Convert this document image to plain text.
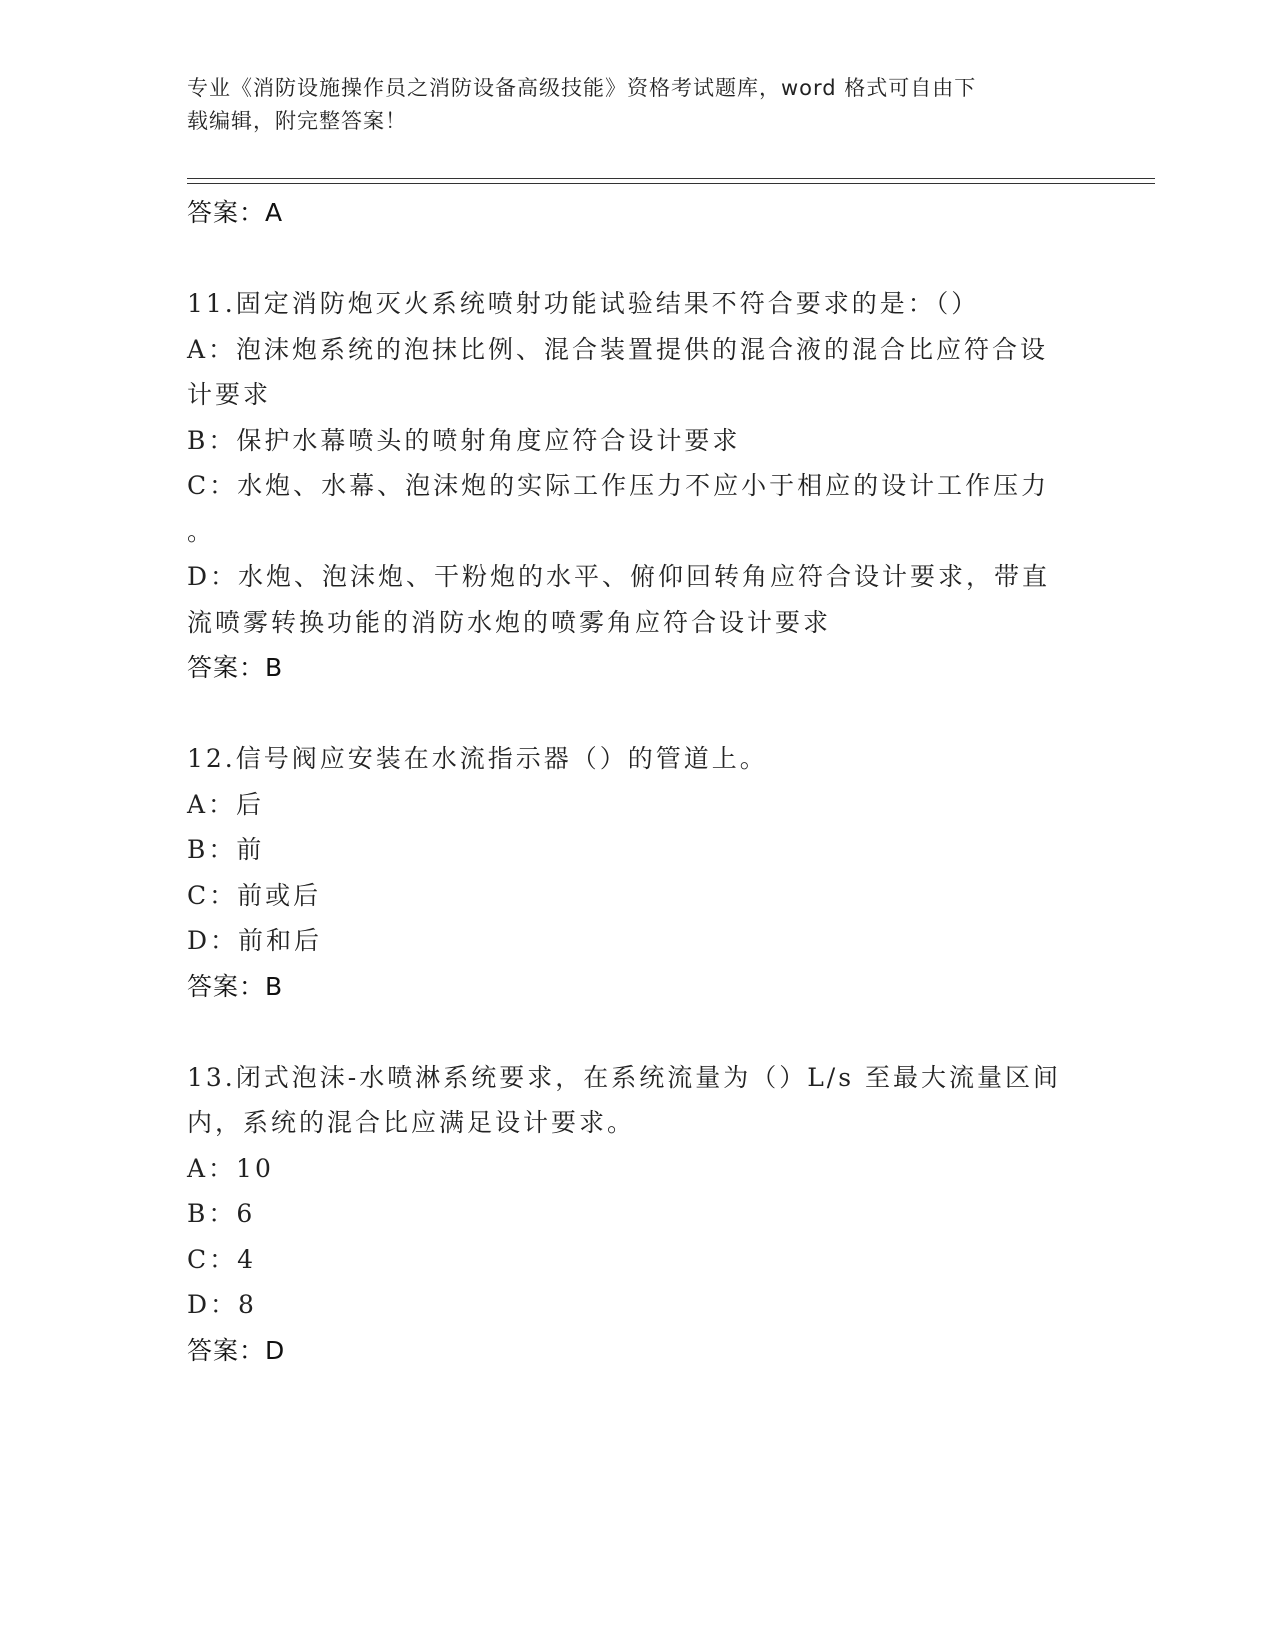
专业《消防设施操作员之消防设备高级技能》资格考试题库，word 格式可自由下
载编辑，附完整答案！
答案：A
11.固定消防炮灭火系统喷射功能试验结果不符合要求的是：（）
A：泡沫炮系统的泡抹比例、混合装置提供的混合液的混合比应符合设
计要求
B：保护水幕喷头的喷射角度应符合设计要求
C：水炮、水幕、泡沫炮的实际工作压力不应小于相应的设计工作压力
。
D：水炮、泡沫炮、干粉炮的水平、俯仰回转角应符合设计要求，带直
流喷雾转换功能的消防水炮的喷雾角应符合设计要求
答案：B
12.信号阀应安装在水流指示器（）的管道上。
A：后
B：前
C：前或后
D：前和后
答案：B
13.闭式泡沫-水喷淋系统要求，在系统流量为（）L/s 至最大流量区间
内，系统的混合比应满足设计要求。
A：10
B：6
C：4
D：8
答案：D
